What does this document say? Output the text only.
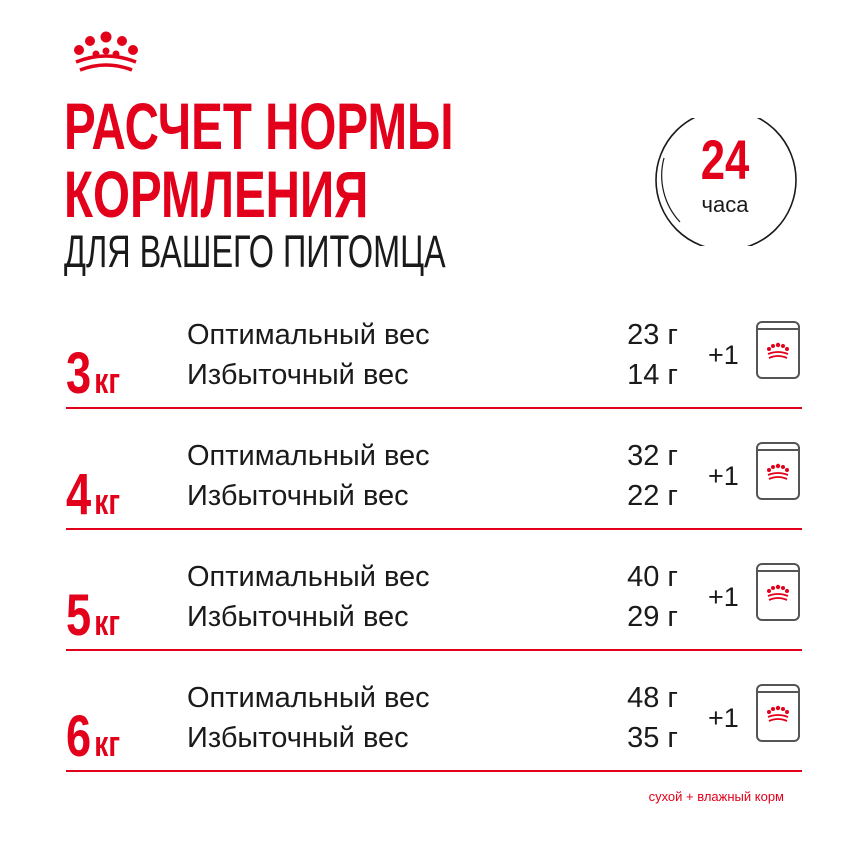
РАСЧЕТ НОРМЫ
КОРМЛЕНИЯ
ДЛЯ ВАШЕГО ПИТОМЦА
24
часа
3кг
Оптимальный вес	23 г
Избыточный вес	14 г
+1
4кг
Оптимальный вес	32 г
Избыточный вес	22 г
+1
5кг
Оптимальный вес	40 г
Избыточный вес	29 г
+1
6кг
Оптимальный вес	48 г
Избыточный вес	35 г
+1
сухой + влажный корм
